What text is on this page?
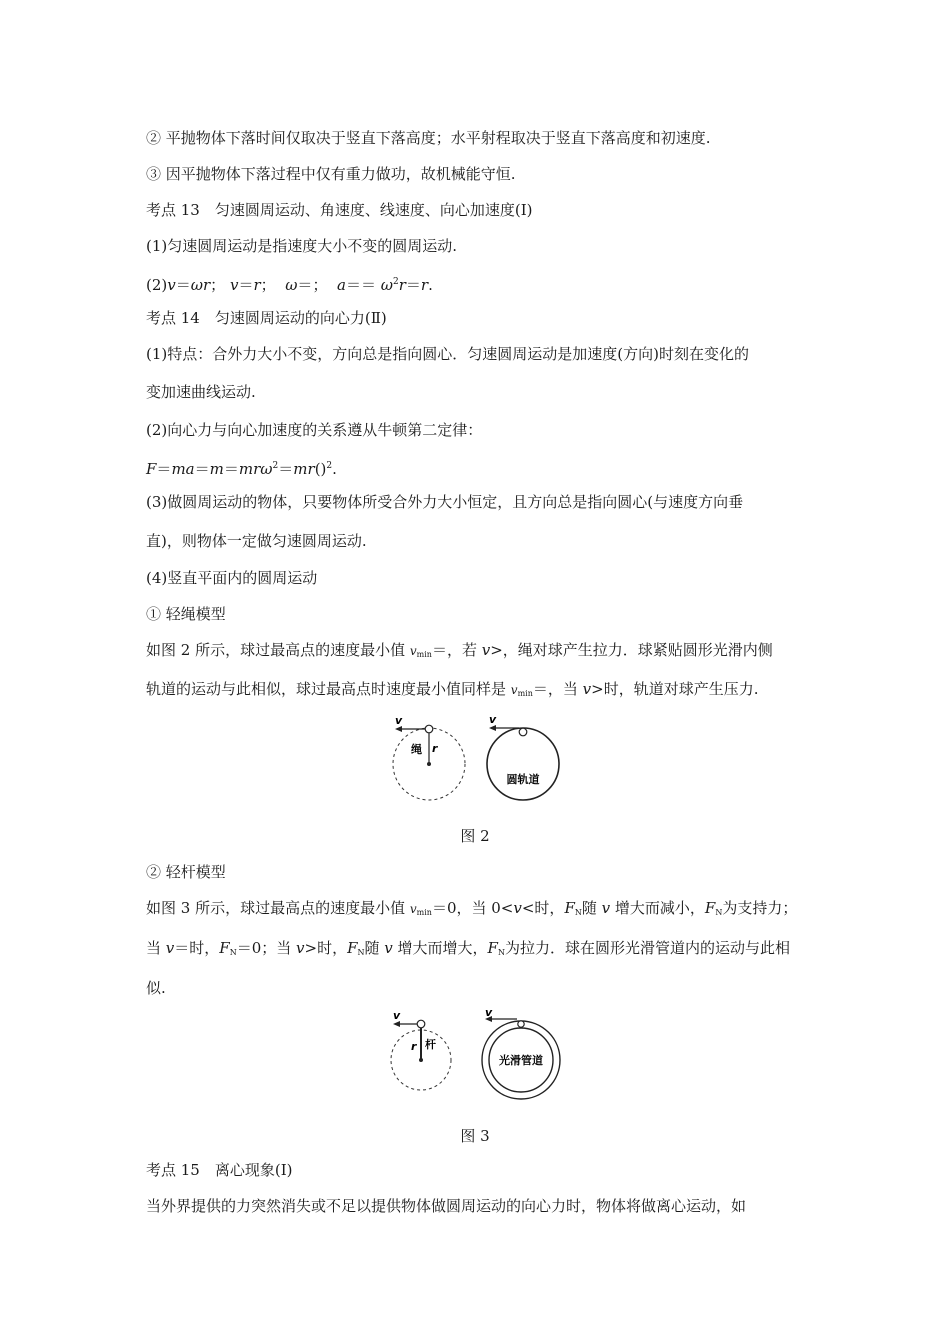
② 平抛物体下落时间仅取决于竖直下落高度；水平射程取决于竖直下落高度和初速度.
③ 因平抛物体下落过程中仅有重力做功，故机械能守恒.
考点 13　匀速圆周运动、角速度、线速度、向心加速度(Ⅰ)
(1)匀速圆周运动是指速度大小不变的圆周运动.
(2)v＝ωr； v＝r； ω＝； $a== \omega^2r=r$.
考点 14　匀速圆周运动的向心力(Ⅱ)
(1)特点：合外力大小不变，方向总是指向圆心．匀速圆周运动是加速度(方向)时刻在变化的
变加速曲线运动.
(2)向心力与向心加速度的关系遵从牛顿第二定律：
F＝ma＝m＝mrω$^2$＝mr()$^2$.
(3)做圆周运动的物体，只要物体所受合外力大小恒定，且方向总是指向圆心(与速度方向垂
直)，则物体一定做匀速圆周运动.
(4)竖直平面内的圆周运动
① 轻绳模型
如图 2 所示，球过最高点的速度最小值 $v_{min}=$，若 v>，绳对球产生拉力．球紧贴圆形光滑内侧
轨道的运动与此相似，球过最高点时速度最小值同样是 $v_{min}=$，当 v>时，轨道对球产生压力.
v
绳 r
v
圆轨道
图 2
② 轻杆模型
如图 3 所示，球过最高点的速度最小值 $v_{min}=0$，当 0<v<时，$F_N$随 v 增大而减小，$F_N$为支持力；
当 v＝时，$F_N=0$；当 v>时，$F_N$随 v 增大而增大，$F_N$为拉力．球在圆形光滑管道内的运动与此相
似.
v
r 杆
v
光滑管道
图 3
考点 15　离心现象(Ⅰ)
当外界提供的力突然消失或不足以提供物体做圆周运动的向心力时，物体将做离心运动，如
